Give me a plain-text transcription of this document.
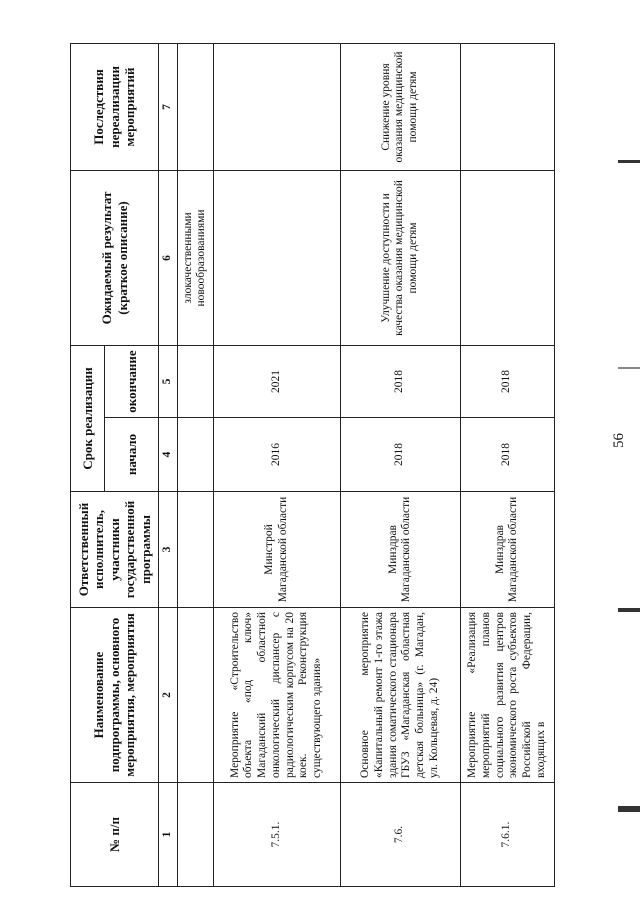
56
№ п/п	Наименование подпрограммы, основного мероприятия, мероприятия	Ответственный исполнитель, участники государственной программы	Срок реализации		Ожидаемый результат (краткое описание)	Последствия нереализации мероприятий
			начало	окончание		
1	2	3	4	5	6	7
					злокачественными новообразованиями	
7.5.1.	Мероприятие «Строительство объекта «под ключ» Магаданский областной онкологический диспансер с радиологическим корпусом на 20 коек. Реконструкция существующего здания»	Минстрой Магаданской области	2016	2021		
7.6.	Основное мероприятие «Капитальный ремонт 1-го этажа здания соматического стационара ГБУЗ «Магаданская областная детская больница» (г. Магадан, ул. Кольцевая, д. 24)	Минздрав Магаданской области	2018	2018	Улучшение доступности и качества оказания медицинской помощи детям	Снижение уровня оказания медицинской помощи детям
7.6.1.	Мероприятие «Реализация мероприятий планов социального развития центров экономического роста субъектов Российской Федерации, входящих в	Минздрав Магаданской области	2018	2018		
